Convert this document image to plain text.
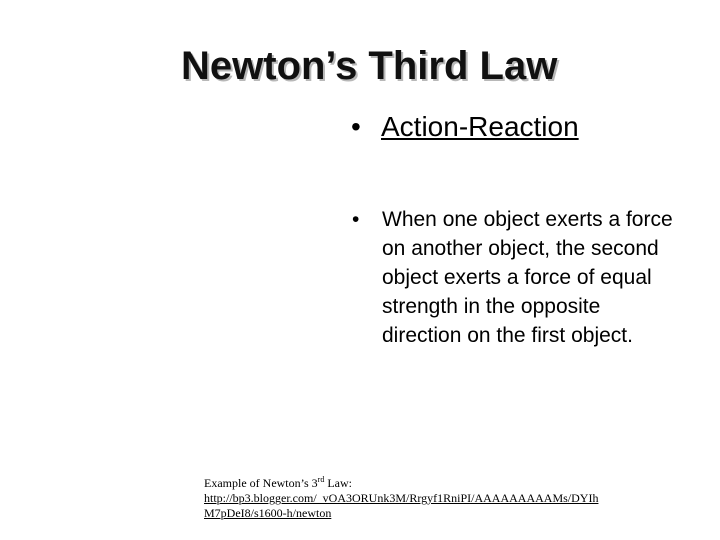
Newton’s Third Law
• Action-Reaction
•	When one object exerts a force on another object, the second object exerts a force of equal strength in the opposite direction on the first object.
Example of Newton’s 3rd Law:
http://bp3.blogger.com/_vOA3ORUnk3M/Rrgyf1RniPI/AAAAAAAAAMs/DYIhM7pDeI8/s1600-h/newton
